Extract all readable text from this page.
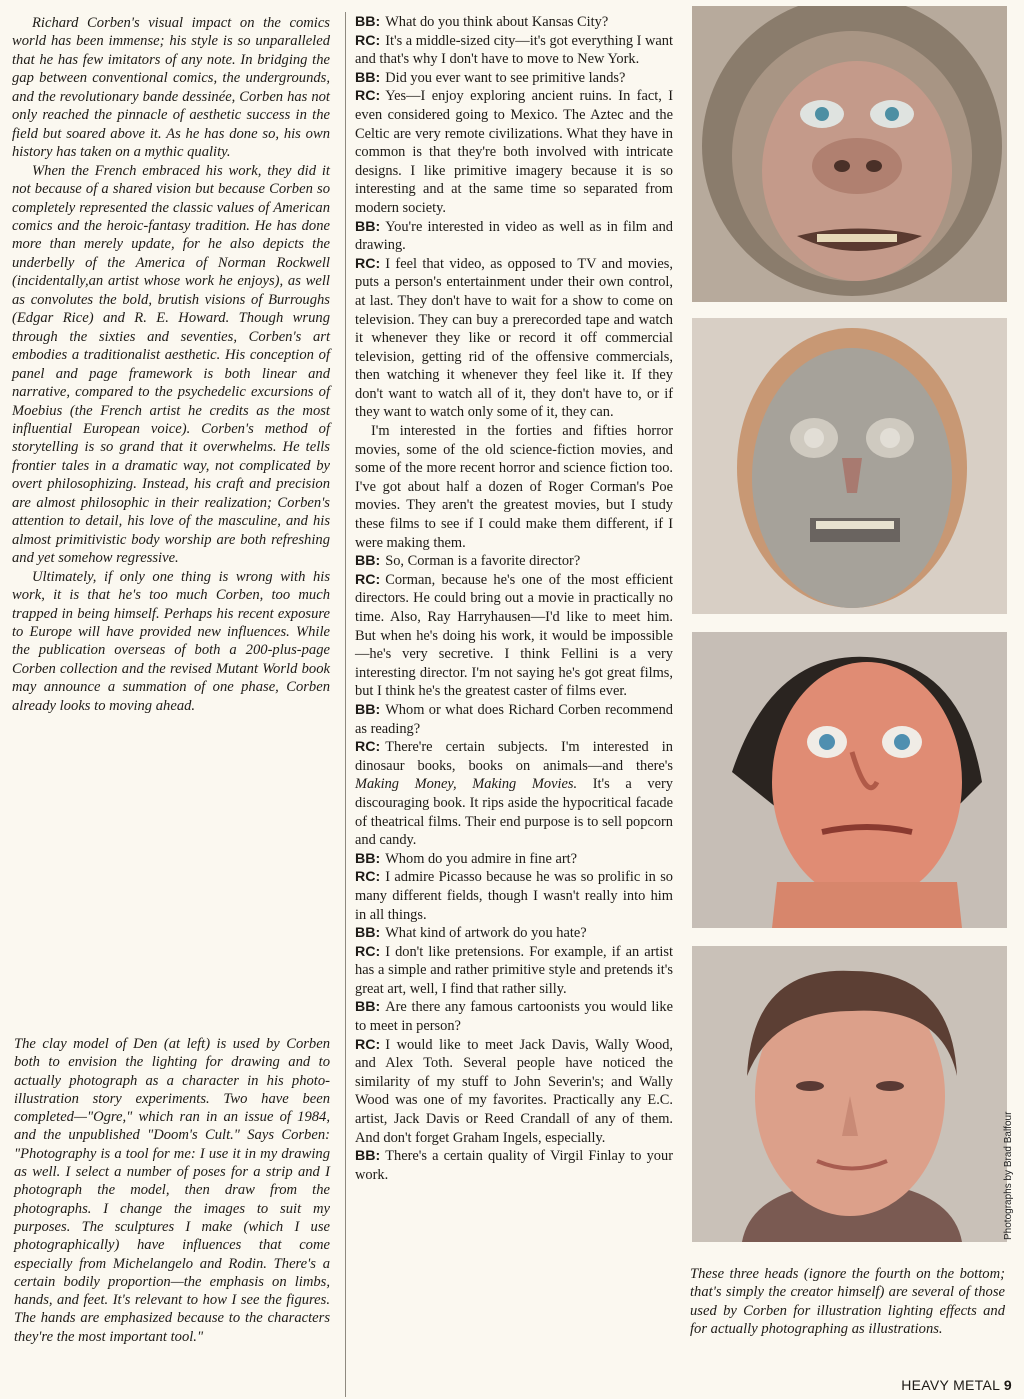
Richard Corben's visual impact on the comics world has been immense; his style is so unparalleled that he has few imitators of any note. In bridging the gap between conventional comics, the undergrounds, and the revolutionary bande dessinée, Corben has not only reached the pinnacle of aesthetic success in the field but soared above it. As he has done so, his own history has taken on a mythic quality.

When the French embraced his work, they did it not because of a shared vision but because Corben so completely represented the classic values of American comics and the heroic-fantasy tradition. He has done more than merely update, for he also depicts the underbelly of the America of Norman Rockwell (incidentally,an artist whose work he enjoys), as well as convolutes the bold, brutish visions of Burroughs (Edgar Rice) and R. E. Howard. Though wrung through the sixties and seventies, Corben's art embodies a traditionalist aesthetic. His conception of panel and page framework is both linear and narrative, compared to the psychedelic excursions of Moebius (the French artist he credits as the most influential European voice). Corben's method of storytelling is so grand that it overwhelms. He tells frontier tales in a dramatic way, not complicated by overt philosophizing. Instead, his craft and precision are almost philosophic in their realization; Corben's attention to detail, his love of the masculine, and his almost primitivistic body worship are both refreshing and yet somehow regressive.

Ultimately, if only one thing is wrong with his work, it is that he's too much Corben, too much trapped in being himself. Perhaps his recent exposure to Europe will have provided new influences. While the publication overseas of both a 200-plus-page Corben collection and the revised Mutant World book may announce a summation of one phase, Corben already looks to moving ahead.

The clay model of Den (at left) is used by Corben both to envision the lighting for drawing and to actually photograph as a character in his photo-illustration story experiments. Two have been completed—"Ogre," which ran in an issue of 1984, and the unpublished "Doom's Cult." Says Corben: "Photography is a tool for me: I use it in my drawing as well. I select a number of poses for a strip and I photograph the model, then draw from the photographs. I change the images to suit my purposes. The sculptures I make (which I use photographically) have influences that come especially from Michelangelo and Rodin. There's a certain bodily proportion—the emphasis on limbs, hands, and feet. It's relevant to how I see the figures. The hands are emphasized because to the characters they're the most important tool."

BB: What do you think about Kansas City?

RC: It's a middle-sized city—it's got everything I want and that's why I don't have to move to New York.

BB: Did you ever want to see primitive lands?

RC: Yes—I enjoy exploring ancient ruins. In fact, I even considered going to Mexico. The Aztec and the Celtic are very remote civilizations. What they have in common is that they're both involved with intricate designs. I like primitive imagery because it is so interesting and at the same time so separated from modern society.

BB: You're interested in video as well as in film and drawing.

RC: I feel that video, as opposed to TV and movies, puts a person's entertainment under their own control, at last. They don't have to wait for a show to come on television. They can buy a prerecorded tape and watch it whenever they like or record it off commercial television, getting rid of the offensive commercials, then watching it whenever they feel like it. If they don't want to watch all of it, they don't have to, or if they want to watch only some of it, they can.

I'm interested in the forties and fifties horror movies, some of the old science-fiction movies, and some of the more recent horror and science fiction too. I've got about half a dozen of Roger Corman's Poe movies. They aren't the greatest movies, but I study these films to see if I could make them different, if I were making them.

BB: So, Corman is a favorite director?

RC: Corman, because he's one of the most efficient directors. He could bring out a movie in practically no time. Also, Ray Harryhausen—I'd like to meet him. But when he's doing his work, it would be impossible—he's very secretive. I think Fellini is a very interesting director. I'm not saying he's got great films, but I think he's the greatest caster of films ever.

BB: Whom or what does Richard Corben recommend as reading?

RC: There're certain subjects. I'm interested in dinosaur books, books on animals—and there's Making Money, Making Movies. It's a very discouraging book. It rips aside the hypocritical facade of theatrical films. Their end purpose is to sell popcorn and candy.

BB: Whom do you admire in fine art?

RC: I admire Picasso because he was so prolific in so many different fields, though I wasn't really into him in all things.

BB: What kind of artwork do you hate?

RC: I don't like pretensions. For example, if an artist has a simple and rather primitive style and pretends it's great art, well, I find that rather silly.

BB: Are there any famous cartoonists you would like to meet in person?

RC: I would like to meet Jack Davis, Wally Wood, and Alex Toth. Several people have noticed the similarity of my stuff to John Severin's; and Wally Wood was one of my favorites. Practically any E.C. artist, Jack Davis or Reed Crandall of any of them. And don't forget Graham Ingels, especially.

BB: There's a certain quality of Virgil Finlay to your work.	Photographs by Brad Balfour

These three heads (ignore the fourth on the bottom; that's simply the creator himself) are several of those used by Corben for illustration lighting effects and for actually photographing as illustrations.

HEAVY METAL 9
